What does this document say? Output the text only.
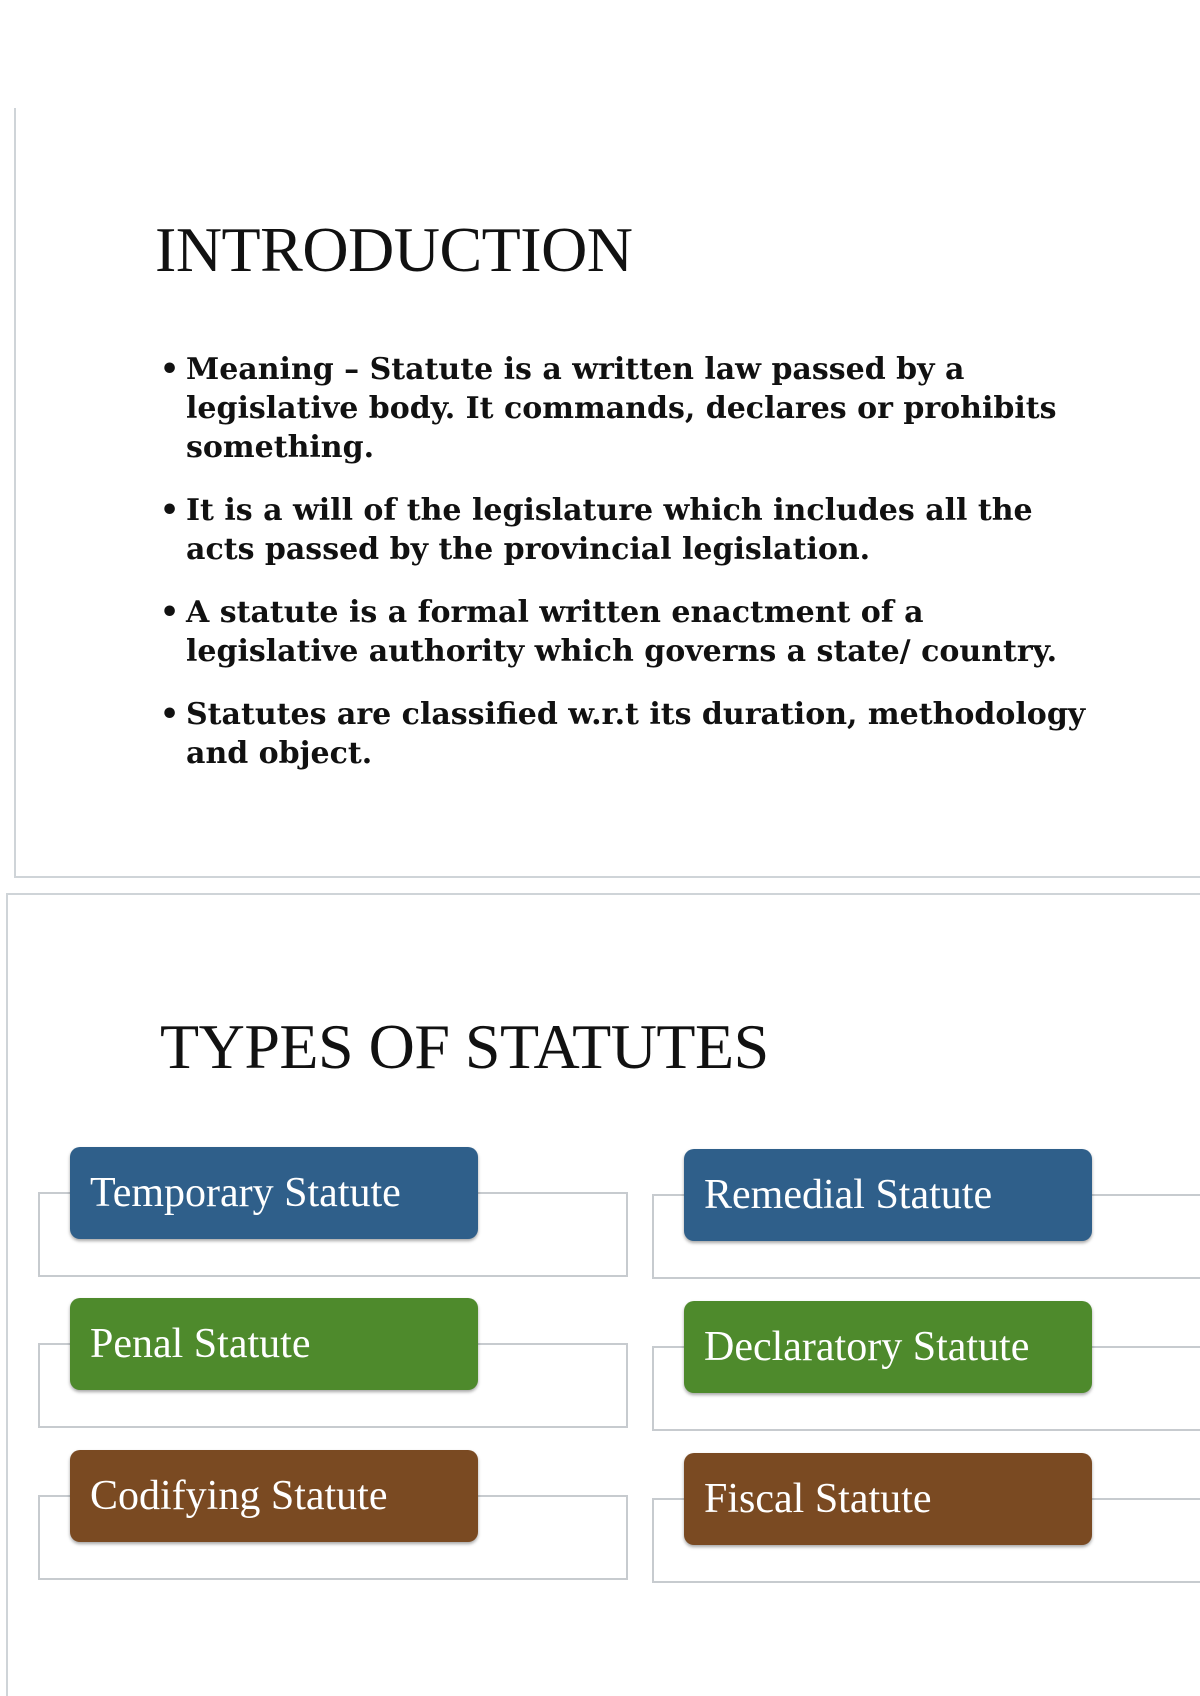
INTRODUCTION
• Meaning – Statute is a written law passed by a legislative body. It commands, declares or prohibits something.
• It is a will of the legislature which includes all the acts passed by the provincial legislation.
• A statute is a formal written enactment of a legislative authority which governs a state/ country.
• Statutes are classified w.r.t its duration, methodology and object.
TYPES OF STATUTES
Temporary Statute	Remedial Statute
Penal Statute	Declaratory Statute
Codifying Statute	Fiscal Statute
